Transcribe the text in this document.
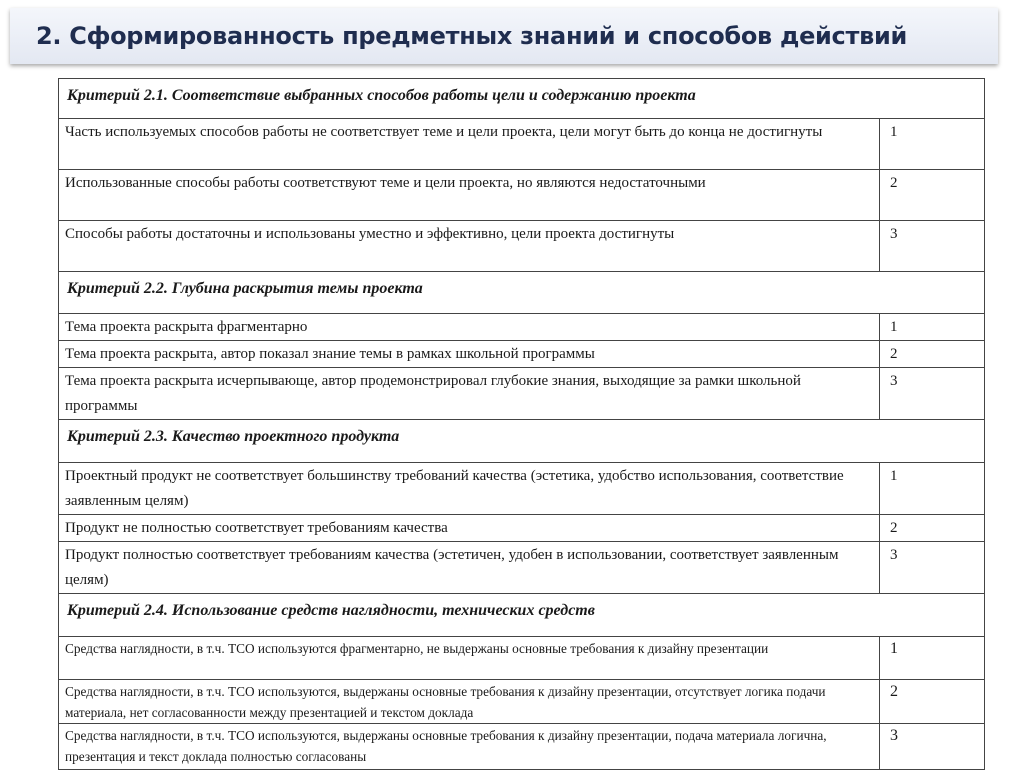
2. Сформированность предметных знаний и способов действий
Критерий 2.1. Соответствие выбранных способов работы цели и содержанию проекта	
Часть используемых способов работы не соответствует теме и цели проекта, цели могут быть до конца не достигнуты	1
Использованные способы работы соответствуют теме и цели проекта, но являются недостаточными	2
Способы работы достаточны и использованы уместно и эффективно, цели проекта достигнуты	3
Критерий 2.2. Глубина раскрытия темы проекта	
Тема проекта раскрыта фрагментарно	1
Тема проекта раскрыта, автор показал знание темы в рамках школьной программы	2
Тема проекта раскрыта исчерпывающе, автор продемонстрировал глубокие знания, выходящие за рамки школьной программы	3
Критерий 2.3. Качество проектного продукта	
Проектный продукт не соответствует большинству требований качества (эстетика, удобство использования, соответствие заявленным целям)	1
Продукт не полностью соответствует требованиям качества	2
Продукт полностью соответствует требованиям качества (эстетичен, удобен в использовании, соответствует заявленным целям)	3
Критерий 2.4. Использование средств наглядности, технических средств	
Средства наглядности, в т.ч. ТСО используются фрагментарно, не выдержаны основные требования к дизайну презентации	1
Средства наглядности, в т.ч. ТСО используются, выдержаны основные требования к дизайну презентации, отсутствует логика подачи материала, нет согласованности между презентацией и текстом доклада	2
Средства наглядности, в т.ч. ТСО используются, выдержаны основные требования к дизайну презентации, подача материала логична, презентация и текст доклада полностью согласованы	3
